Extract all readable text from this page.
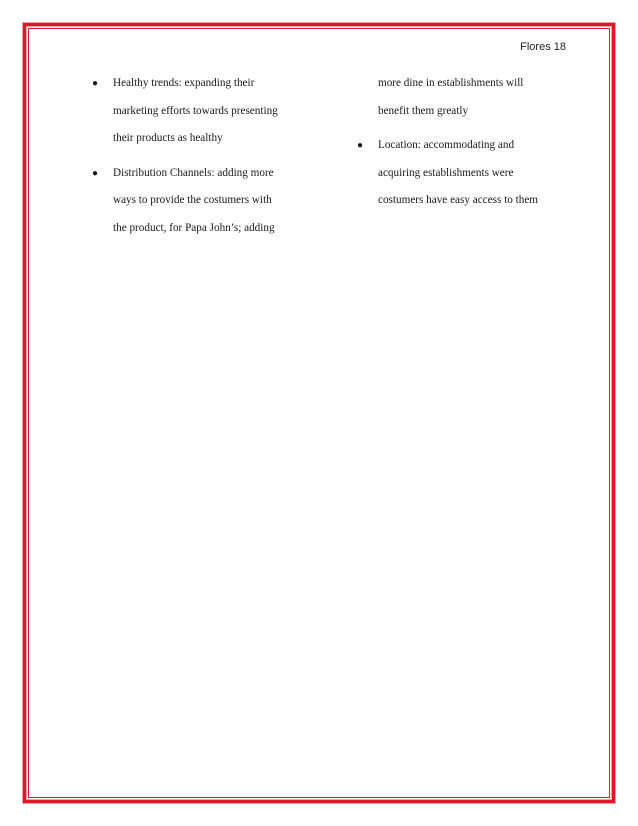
Flores 18
● Healthy trends: expanding their
marketing efforts towards presenting
their products as healthy
● Distribution Channels: adding more
ways to provide the costumers with
the product, for Papa John’s; adding
more dine in establishments will
benefit them greatly
● Location: accommodating and
acquiring establishments were
costumers have easy access to them
